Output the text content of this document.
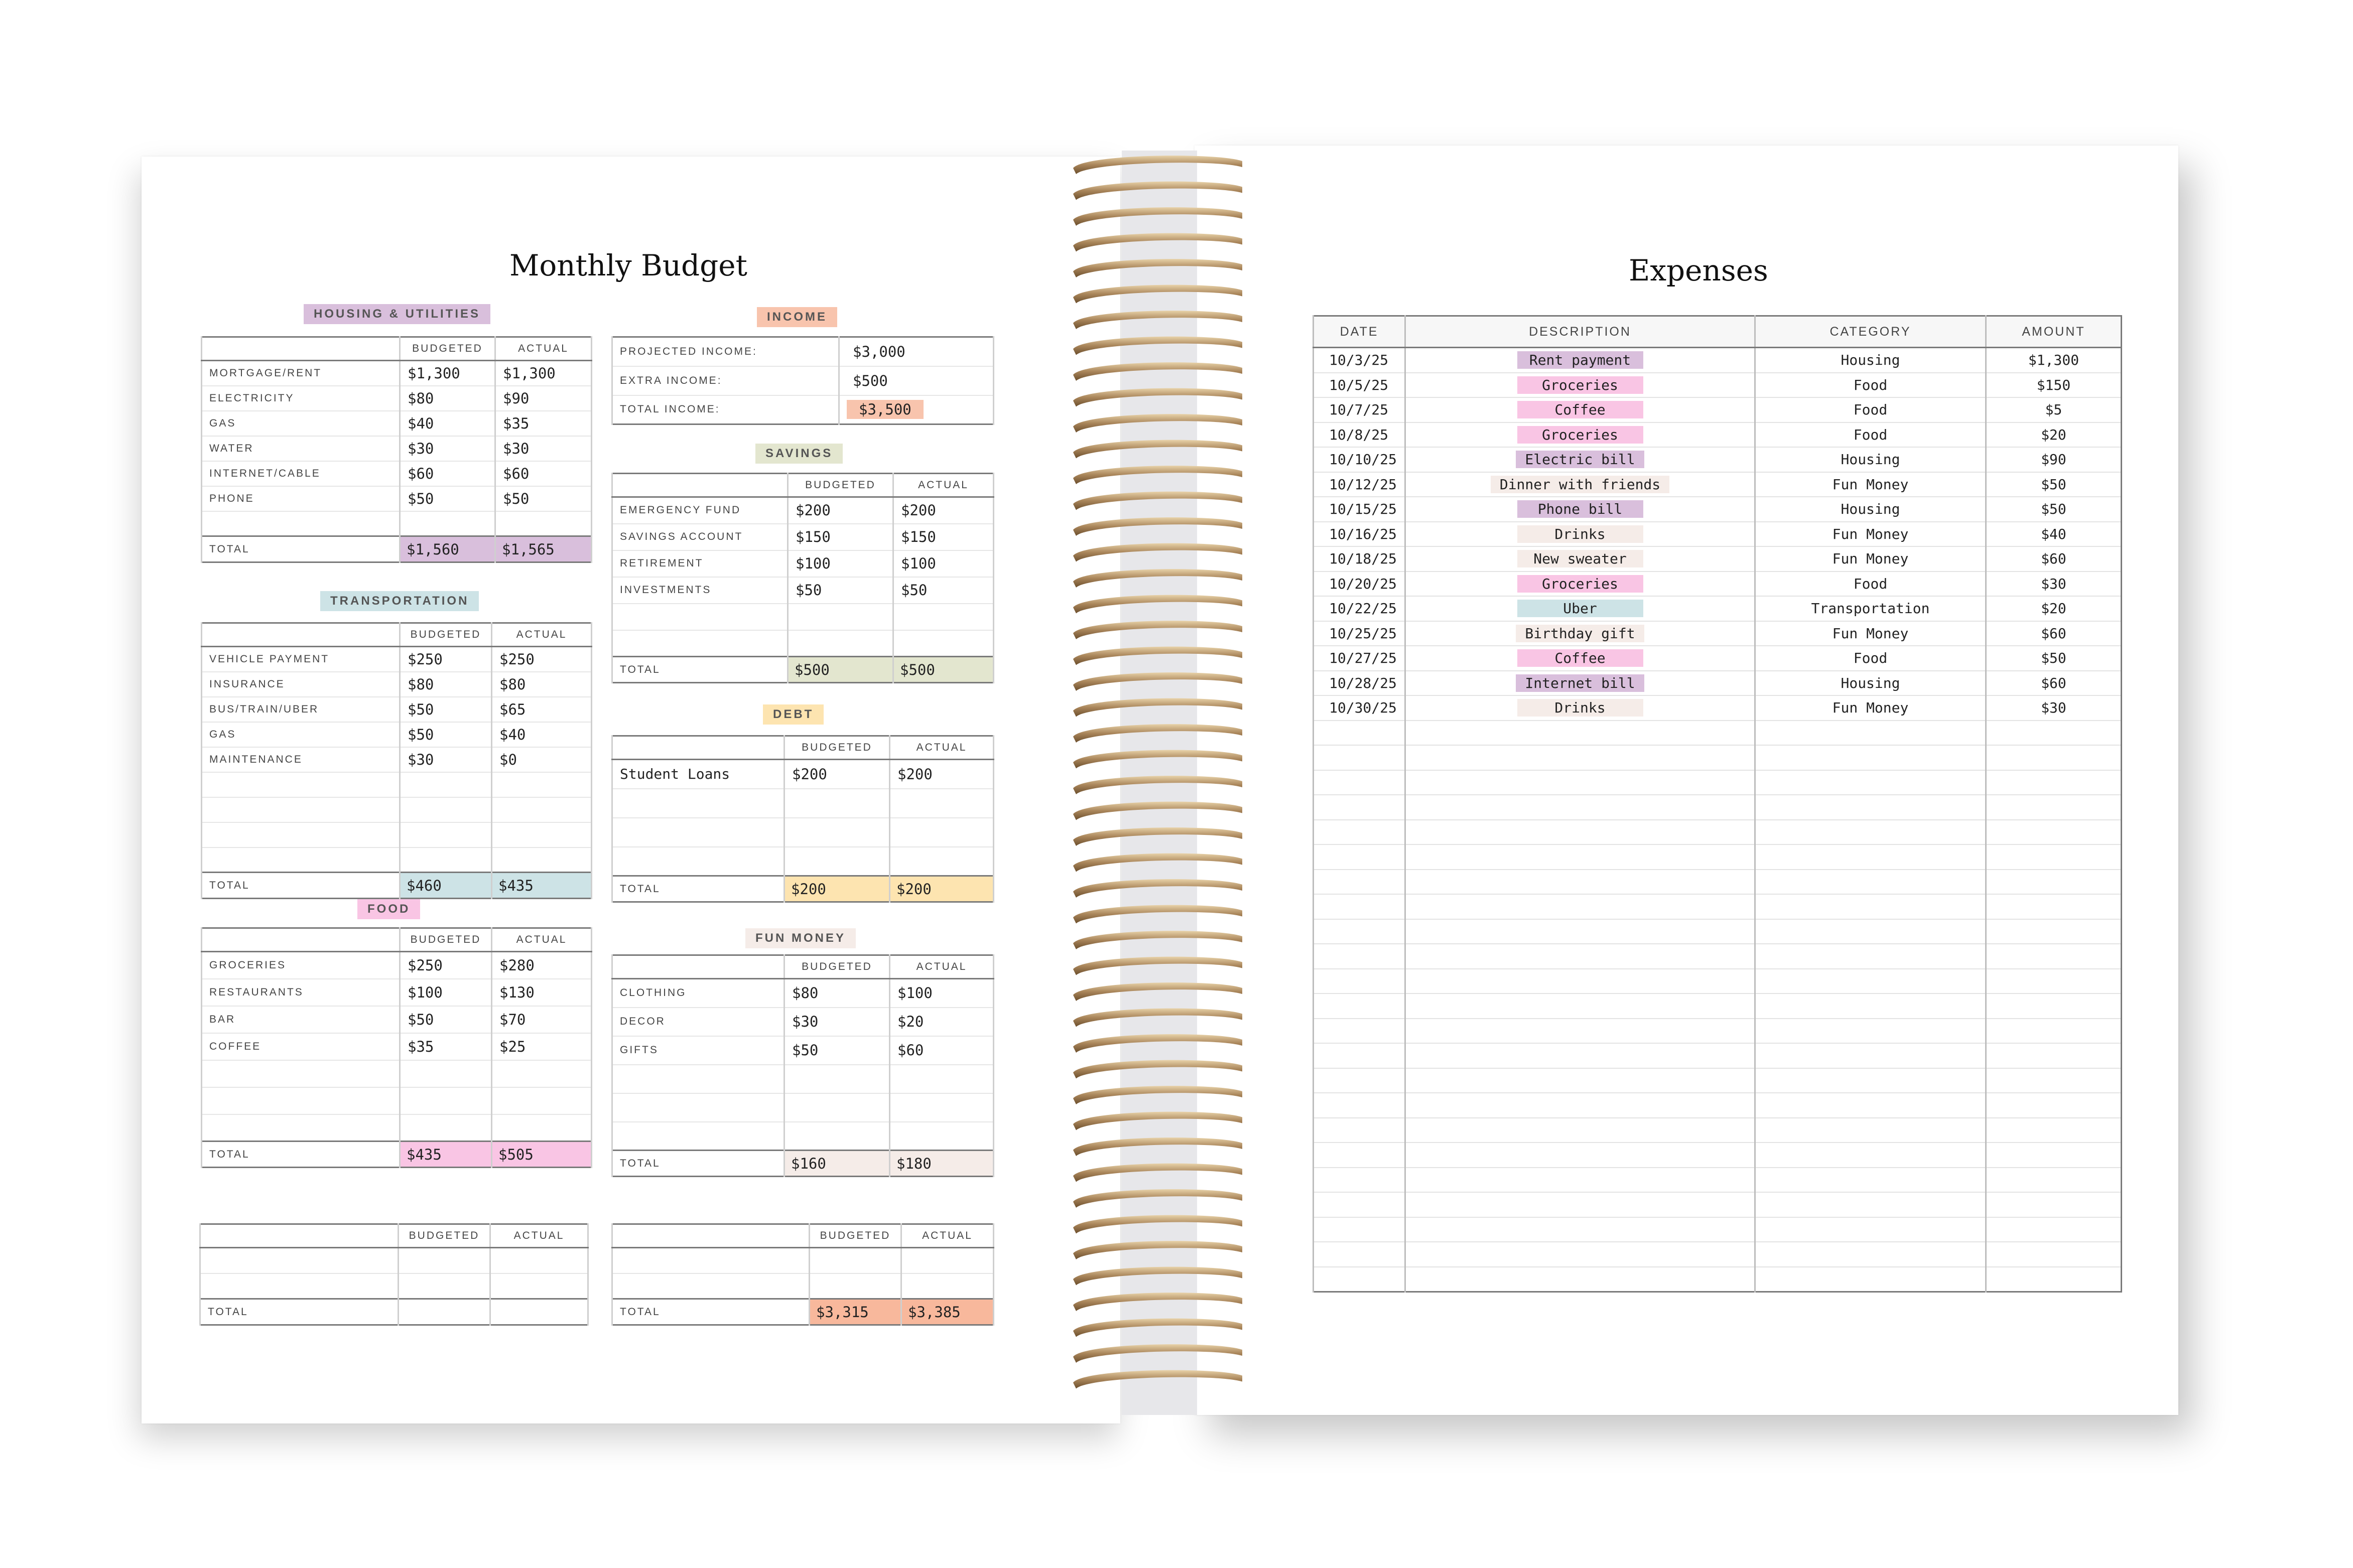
Monthly Budget	Expenses
HOUSING & UTILITIES
TRANSPORTATION
FOOD
INCOME
SAVINGS
DEBT
FUN MONEY
	BUDGETED	ACTUAL
MORTGAGE/RENT	$1,300	$1,300
ELECTRICITY	$80	$90
GAS	$40	$35
WATER	$30	$30
INTERNET/CABLE	$60	$60
PHONE	$50	$50

TOTAL	$1,560	$1,565
	BUDGETED	ACTUAL
VEHICLE PAYMENT	$250	$250
INSURANCE	$80	$80
BUS/TRAIN/UBER	$50	$65
GAS	$50	$40
MAINTENANCE	$30	$0

TOTAL	$460	$435
	BUDGETED	ACTUAL
GROCERIES	$250	$280
RESTAURANTS	$100	$130
BAR	$50	$70
COFFEE	$35	$25

TOTAL	$435	$505
	BUDGETED	ACTUAL

TOTAL		
PROJECTED INCOME:	$3,000
EXTRA INCOME:	$500
TOTAL INCOME:	$3,500
	BUDGETED	ACTUAL
EMERGENCY FUND	$200	$200
SAVINGS ACCOUNT	$150	$150
RETIREMENT	$100	$100
INVESTMENTS	$50	$50

TOTAL	$500	$500
	BUDGETED	ACTUAL
Student Loans	$200	$200

TOTAL	$200	$200
	BUDGETED	ACTUAL
CLOTHING	$80	$100
DECOR	$30	$20
GIFTS	$50	$60

TOTAL	$160	$180
	BUDGETED	ACTUAL

TOTAL	$3,315	$3,385
DATE	DESCRIPTION	CATEGORY	AMOUNT
10/3/25	Rent payment	Housing	$1,300
10/5/25	Groceries	Food	$150
10/7/25	Coffee	Food	$5
10/8/25	Groceries	Food	$20
10/10/25	Electric bill	Housing	$90
10/12/25	Dinner with friends	Fun Money	$50
10/15/25	Phone bill	Housing	$50
10/16/25	Drinks	Fun Money	$40
10/18/25	New sweater	Fun Money	$60
10/20/25	Groceries	Food	$30
10/22/25	Uber	Transportation	$20
10/25/25	Birthday gift	Fun Money	$60
10/27/25	Coffee	Food	$50
10/28/25	Internet bill	Housing	$60
10/30/25	Drinks	Fun Money	$30
